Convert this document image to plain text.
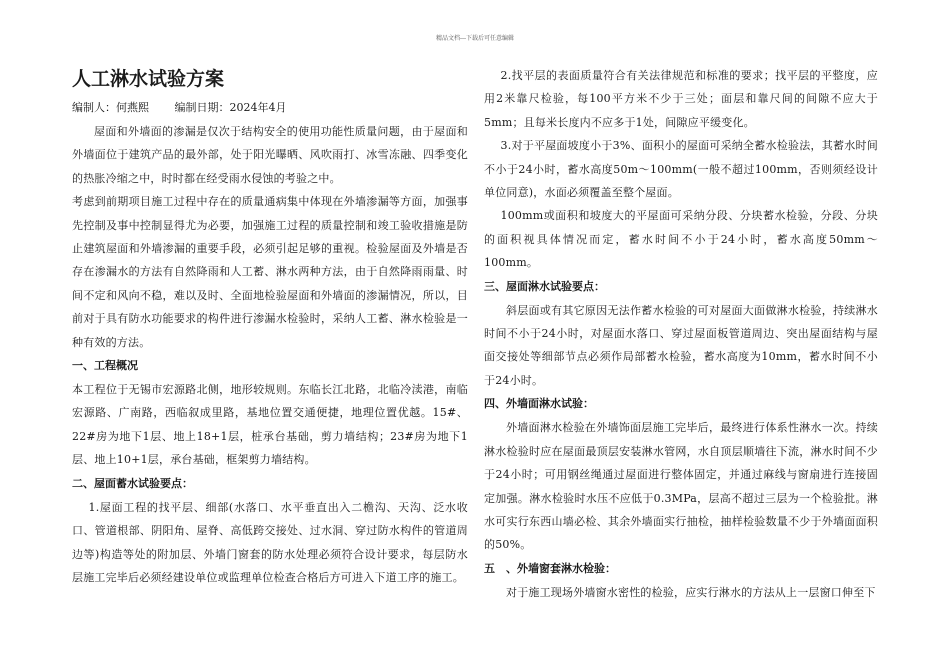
精品文档---下载后可任意编辑
人工淋水试验方案
编制人：何燕熙 编制日期：2024年4月

屋面和外墙面的渗漏是仅次于结构安全的使用功能性质量问题，由于屋面和外墙面位于建筑产品的最外部，处于阳光曝晒、风吹雨打、冰雪冻融、四季变化的热胀冷缩之中，时时都在经受雨水侵蚀的考验之中。

考虑到前期项目施工过程中存在的质量通病集中体现在外墙渗漏等方面，加强事先控制及事中控制显得尤为必要，加强施工过程的质量控制和竣工验收措施是防止建筑屋面和外墙渗漏的重要手段，必须引起足够的重视。检验屋面及外墙是否存在渗漏水的方法有自然降雨和人工蓄、淋水两种方法，由于自然降雨雨量、时间不定和风向不稳，难以及时、全面地检验屋面和外墙面的渗漏情况，所以，目前对于具有防水功能要求的构件进行渗漏水检验时，采纳人工蓄、淋水检验是一种有效的方法。

一、工程概况

本工程位于无锡市宏源路北侧，地形较规则。东临长江北路，北临冷渎港，南临宏源路、广南路，西临叙成里路，基地位置交通便捷，地理位置优越。15#、22#房为地下1层、地上18+1层，桩承台基础，剪力墙结构；23#房为地下1层、地上10+1层，承台基础，框架剪力墙结构。

二、屋面蓄水试验要点：

1.屋面工程的找平层、细部(水落口、水平垂直出入二檐沟、天沟、泛水收口、管道根部、阴阳角、屋脊、高低跨交接处、过水洞、穿过防水构件的管道周边等)构造等处的附加层、外墙门窗套的防水处理必须符合设计要求，每层防水层施工完毕后必须经建设单位或监理单位检查合格后方可进入下道工序的施工。

2.找平层的表面质量符合有关法律规范和标准的要求；找平层的平整度，应用2米靠尺检验，每100平方米不少于三处；面层和靠尺间的间隙不应大于5mm；且每米长度内不应多于1处，间隙应平缓变化。

3.对于平屋面坡度小于3%、面积小的屋面可采纳全蓄水检验法，其蓄水时间不小于24小时，蓄水高度50m～100mm(一般不超过100mm，否则须经设计单位同意)，水面必须覆盖至整个屋面。

100mm或面积和坡度大的平屋面可采纳分段、分块蓄水检验，分段、分块的面积视具体情况而定，蓄水时间不小于24小时，蓄水高度50mm～100mm。

三、屋面淋水试验要点：

斜层面或有其它原因无法作蓄水检验的可对屋面大面做淋水检验，持续淋水时间不小于24小时，对屋面水落口、穿过屋面板管道周边、突出屋面结构与屋面交接处等细部节点必须作局部蓄水检验，蓄水高度为10mm，蓄水时间不小于24小时。

四、外墙面淋水试验：

外墙面淋水检验在外墙饰面层施工完毕后，最终进行体系性淋水一次。持续淋水检验时应在屋面最顶层安装淋水管网，水自顶层顺墙往下流，淋水时间不少于24小时；可用钢丝绳通过屋面进行整体固定，并通过麻线与窗扇进行连接固定加强。淋水检验时水压不应低于0.3MPa，层高不超过三层为一个检验批。淋水可实行东西山墙必检、其余外墙面实行抽检，抽样检验数量不少于外墙面面积的50%。

五　、外墙窗套淋水检验：

对于施工现场外墙窗水密性的检验，应实行淋水的方法从上一层窗口伸至下
